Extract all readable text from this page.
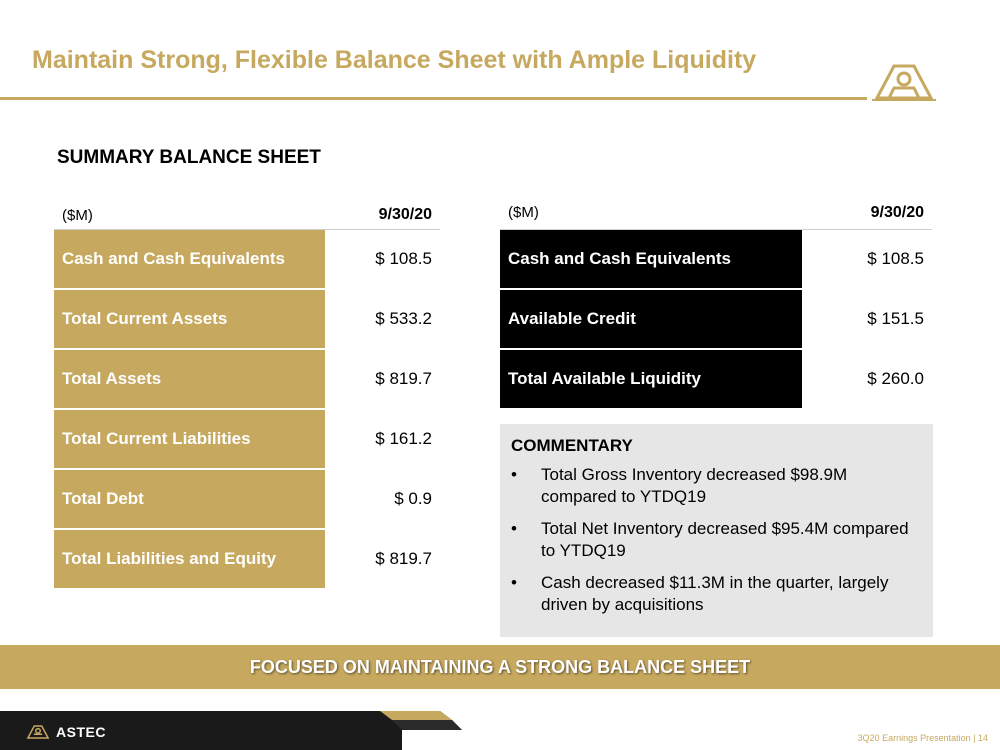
Maintain Strong, Flexible Balance Sheet with Ample Liquidity
SUMMARY BALANCE SHEET
($M)	9/30/20
Cash and Cash Equivalents	$ 108.5
Total Current Assets	$ 533.2
Total Assets	$ 819.7
Total Current Liabilities	$ 161.2
Total Debt	$ 0.9
Total Liabilities and Equity	$ 819.7
($M)	9/30/20
Cash and Cash Equivalents	$ 108.5
Available Credit	$ 151.5
Total Available Liquidity	$ 260.0
COMMENTARY
• Total Gross Inventory decreased $98.9M compared to YTDQ19
• Total Net Inventory decreased $95.4M compared to YTDQ19
• Cash decreased $11.3M in the quarter, largely driven by acquisitions
FOCUSED ON MAINTAINING A STRONG BALANCE SHEET
ASTEC	3Q20 Earnings Presentation | 14
